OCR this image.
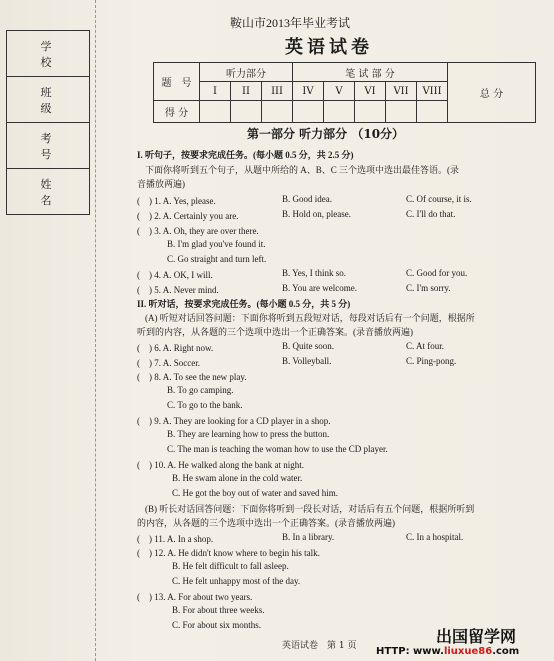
学　校
班　级
考　号
姓　名
鞍山市2013年毕业考试
英语试卷
题　号	听力部分			笔 试 部 分					总 分
	I	II	III	IV	V	VI	VII	VIII	
得 分									
第一部分 听力部分 （10分）
I. 听句子，按要求完成任务。(每小题 0.5 分，共 2.5 分)
下面你将听到五个句子，从题中所给的 A、B、C 三个选项中选出最佳答语。(录
音播放两遍)
(　) 1. A. Yes, please.	B. Good idea.	C. Of course, it is.
(　) 2. A. Certainly you are.	B. Hold on, please.	C. I'll do that.
(　) 3. A. Oh, they are over there.
B. I'm glad you've found it.
C. Go straight and turn left.
(　) 4. A. OK, I will.	B. Yes, I think so.	C. Good for you.
(　) 5. A. Never mind.	B. You are welcome.	C. I'm sorry.
II. 听对话，按要求完成任务。(每小题 0.5 分，共 5 分)
(A) 听短对话回答问题：下面你将听到五段短对话，每段对话后有一个问题，根据所
听到的内容，从各题的三个选项中选出一个正确答案。(录音播放两遍)
(　) 6. A. Right now.	B. Quite soon.	C. At four.
(　) 7. A. Soccer.	B. Volleyball.	C. Ping-pong.
(　) 8. A. To see the new play.
B. To go camping.
C. To go to the bank.
(　) 9. A. They are looking for a CD player in a shop.
B. They are learning how to press the button.
C. The man is teaching the woman how to use the CD player.
(　) 10. A. He walked along the bank at night.
B. He swam alone in the cold water.
C. He got the boy out of water and saved him.
(B) 听长对话回答问题：下面你将听到一段长对话，对话后有五个问题，根据所听到
的内容，从各题的三个选项中选出一个正确答案。(录音播放两遍)
(　) 11. A. In a shop.	B. In a library.	C. In a hospital.
(　) 12. A. He didn't know where to begin his talk.
B. He felt difficult to fall asleep.
C. He felt unhappy most of the day.
(　) 13. A. For about two years.
B. For about three weeks.
C. For about six months.
英语试卷　第 1 页	出国留学网
HTTP: www.liuxue86.com
